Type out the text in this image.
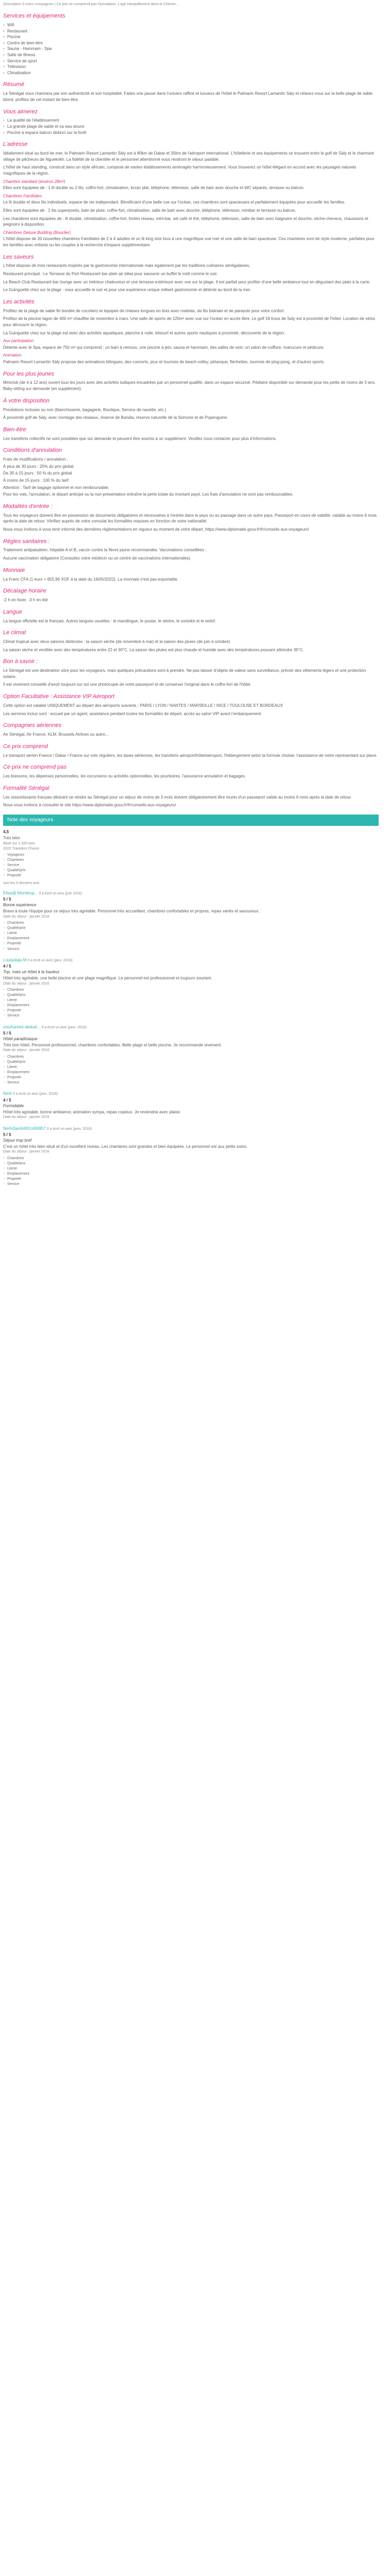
Description 5 coins compagnon | Ce prix ne comprend pas l'annulation. Logé tranquillement dans le Chemin...
Services et équipements
• Wifi
• Restaurant
• Piscine
• Centre de bien-être
• Sauna - Hammam - Spa
• Salle de fitness
• Service de sport
• Télévision
• Climatisation
Résumé

Le Sénégal vous charmera par son authenticité et son hospitalité. Faites une pause dans l'univers raffiné et luxueux de l'hôtel le Palmarin Resort Lamantin Sàly et relaxez-vous sur la belle plage de sable blond, profitez de cet instant de bien-être.

Vous aimerez
• La qualité de l'établissement
• La grande plage de sable et sa eau douce
• Piscine à espace balcon distinct sur la forêt
L'adresse

Idéalement situé au bord de mer, le Palmarin Resort Lamantin Sàly est à 80km de Dakar et 35km de l'aéroport international. L'hôtellerie et ses équipements se trouvent entre le golf de Sàly et le charmant village de pêcheurs de Nguekokh. La fidélité de la clientèle et le personnel attentionné vous rendront le séjour paisible.

L'hôtel de haut standing, construit dans un style africain, composé de vastes établissements aménagés harmonieusement. Vous trouverez un hôtel élégant en accord avec les paysages naturels magnifiques de la région.

Chambre standard (environ 28m²)

Elles sont équipées de : 1 lit double ou 2 lits, coffre-fort, climatisation, écran plat, téléphone, télévision, salle de bain avec douche et WC séparés, terrasse ou balcon.

Chambres Familiales

Le lit double et deux lits individuels, espace de vie indépendant. Bénéficiant d'une belle vue sur l'océan, ces chambres sont spacieuses et parfaitement équipées pour accueillir les familles.

Elles sont équipées de : 2 lits superposés, bain de pluie, coffre-fort, climatisation, salle de bain avec douche, téléphone, télévision, minibar et terrasse ou balcon.

Les chambres sont équipées de : lit double, climatisation, coffre-fort, fontes réseau, mini-bar, set café et thé, téléphone, télévision, salle de bain avec baignoire et douche, sèche-cheveux, chaussons et peignoirs à disposition.

Chambres Deluxe Building (Bouclier)

L'hôtel dispose de 20 nouvelles chambres Familiales de 2 à 4 adultes et un lit king size tous à une magnifique vue mer et une salle de bain spacieuse. Ces chambres sont de style moderne, parfaites pour les familles avec enfants ou les couples à la recherche d'espace supplémentaire.

Les saveurs

L'hôtel dispose de trois restaurants inspirés par la gastronomie internationale mais également par les traditions culinaires sénégalaises.

Restaurant principal : Le Terrasse du Port Restaurant bar plein air idéal pour savourer un buffet le midi comme le soir.

Le Beach Club Restaurant bar lounge avec un intérieur chaleureux et une terrasse extérieure avec vue sur la plage. Il est parfait pour profiter d'une belle ambiance tout en dégustant des plats à la carte.

Le Guinguette chez sur la plage : vous accueille le soir et pour une expérience unique mêlant gastronomie et détente au bord de la mer.

Les activités

Profitez de la plage de sable fin bordée de cocotiers et équipée de chaises longues en bois avec matelas, de lits balinais et de parasols pour votre confort.

Profitez de la piscine lagon de 400 m² chauffée de novembre à mars. Une salle de sports de 120m² avec vue sur l'océan en accès libre. Le golf 18 trous de Saly est à proximité de l'hôtel. Location de vélos pour découvrir la région.

La Guinguette chez sur la plage est avec des activités aquatiques, planche à voile, kitesurf et autres sports nautiques à proximité, découverte de la région.

Aux participation

Détente avec le Spa, espace de 750 m² qui comprend : un bain à remous, une piscine à jets, sauna et hammam, des salles de soin, un salon de coiffure, manucure et pédicure.

Animation

Palmarin Resort Lamantin Sàly propose des animations bilingues, des concerts, jeux et tournois de beach-volley, pétanque, fléchettes, tournois de ping-pong, et d'autres sports.

Pour les plus jeunes

Miniclub (de 4 à 12 ans) ouvert tous les jours avec des activités ludiques encadrées par un personnel qualifié, dans un espace sécurisé. Pédiatre disponible sur demande pour les petits de moins de 3 ans. Baby-sitting sur demande (en supplément).

À votre disposition

Prestations incluses ou non (blanchisserie, bagagerie, Boutique, Service de navette, etc.)

À proximité golf de Sàly, avec montage des réseaux, réserve de Bandia, réserve naturelle de la Somone et de Popenguine.

Bien-être

Les transferts collectifs ne sont possibles que sur demande et peuvent être soumis à un supplément. Veuillez nous contacter pour plus d'informations.

Conditions d'annulation
Frais de modifications / annulation :
À plus de 30 jours : 25% du prix global
De 30 à 15 jours : 50 % du prix global
À moins de 15 jours : 100 % du tarif
Attention : Tarif de bagage optionnel et non remboursable.

Pour les vols, l'annulation, le départ anticipé ou la non-présentation entraîne la perte totale du montant payé. Les frais d'annulation ne sont pas remboursables.

Modalités d'entrée :

Tous les voyageurs doivent être en possession de documents obligatoires et nécessaires à l'entrée dans le pays ou au passage dans un autre pays. Passeport en cours de validité, valable au moins 6 mois après la date de retour. Vérifiez auprès de votre consulat les formalités requises en fonction de votre nationalité.

Nous vous invitons à vous tenir informé des dernières réglementations en vigueur au moment de votre départ. https://www.diplomatie.gouv.fr/fr/conseils-aux-voyageurs/

Règles sanitaires :

Traitement antipaludéen, hépatite A et B, vaccin contre la fièvre jaune recommandés. Vaccinations conseillées :

Aucune vaccination obligatoire (Consultez votre médecin ou un centre de vaccinations internationales).

Monnaie

La Franc CFA (1 euro = 655,96 XOF à la date du 16/05/2022). La monnaie n'est pas exportable.

Décalage horaire

-2 h en hiver, -3 h en été

Langue

La langue officielle est le français. Autres langues usuelles : le mandingue, le poular, le sérère, le soninké et le wolof.

Le climat

Climat tropical avec deux saisons distinctes : la saison sèche (de novembre à mai) et la saison des pluies (de juin à octobre).

La saison sèche et ventilée avec des températures entre 22 et 30°C. La saison des pluies est plus chaude et humide avec des températures pouvant atteindre 35°C.

Bon à savoir :

Le Sénégal est une destination sûre pour les voyageurs, mais quelques précautions sont à prendre. Ne pas laisser d'objets de valeur sans surveillance, prévoir des vêtements légers et une protection solaire.

Il est vivement conseillé d'avoir toujours sur soi une photocopie de votre passeport et de conserver l'original dans le coffre-fort de l'hôtel.

Option Facultative : Assistance VIP Aéroport

Cette option est valable UNIQUEMENT au départ des aéroports suivants : PARIS / LYON / NANTES / MARSEILLE / NICE / TOULOUSE ET BORDEAUX

Les services inclus sont : accueil par un agent, assistance pendant toutes les formalités de départ, accès au salon VIP avant l'embarquement.

Compagnies aériennes

Air Sénégal, Air France, KLM, Brussels Airlines ou autre...

Ce prix comprend

Le transport aérien France / Dakar / France sur vols réguliers, les taxes aériennes, les transferts aéroport/hôtel/aéroport, l'hébergement selon la formule choisie, l'assistance de notre représentant sur place.

Ce prix ne comprend pas

Les boissons, les dépenses personnelles, les excursions ou activités optionnelles, les pourboires, l'assurance annulation et bagages.

Formalité Sénégal

Les ressortissants français désirant se rendre au Sénégal pour un séjour de moins de 3 mois doivent obligatoirement être munis d'un passeport valide au moins 6 mois après la date de retour.

Nous vous invitons à consulter le site https://www.diplomatie.gouv.fr/fr/conseils-aux-voyageurs/

Note des voyageurs
4,5
Très bien
Basé sur 1.320 avis
2022 Travelers Choice
○ Voyageurs
○ Chambres
○ Service
○ Qualité/prix
○ Propreté
Voir les 3 derniers avis
Elisa@ Montelup... Il a écrit un avis (juin 2016)
5 / 5
Bonne expérience
Bravo à toute l'équipe pour ce séjour très agréable. Personnel très accueillant, chambres confortables et propres, repas variés et savoureux.
Date du séjour : janvier 2016
○ Chambres
○ Qualité/prix
○ Literie
○ Emplacement
○ Propreté
○ Service
Louladaija M Il a écrit un avis (janv. 2016)
4 / 5
Top, mais un hôtel à la hauteur
Hôtel très agréable, une belle piscine et une plage magnifique. Le personnel est professionnel et toujours souriant.
Date du séjour : janvier 2016
○ Chambres
○ Qualité/prix
○ Literie
○ Emplacement
○ Propreté
○ Service
msuhamed abdoel... Il a écrit un avis (janv. 2016)
5 / 5
Hôtel paradisiaque
Très bon hôtel. Personnel professionnel, chambres confortables. Belle plage et belle piscine. Je recommande vivement.
Date du séjour : janvier 2016
○ Chambres
○ Qualité/prix
○ Literie
○ Emplacement
○ Propreté
○ Service
Nerti Il a écrit un avis (janv. 2016)
4 / 5
Formidable
Hôtel très agréable, bonne ambiance, animation sympa, repas copieux. Je reviendrai avec plaisir.
Date du séjour : janvier 2016
NerhiSardot001400857 Il a écrit un avis (janv. 2016)
5 / 5
Séjour trop bref
C'est un hôtel très bien situé et d'un excellent niveau. Les chambres sont grandes et bien équipées. Le personnel est aux petits soins.
Date du séjour : janvier 2016
○ Chambres
○ Qualité/prix
○ Literie
○ Emplacement
○ Propreté
○ Service
